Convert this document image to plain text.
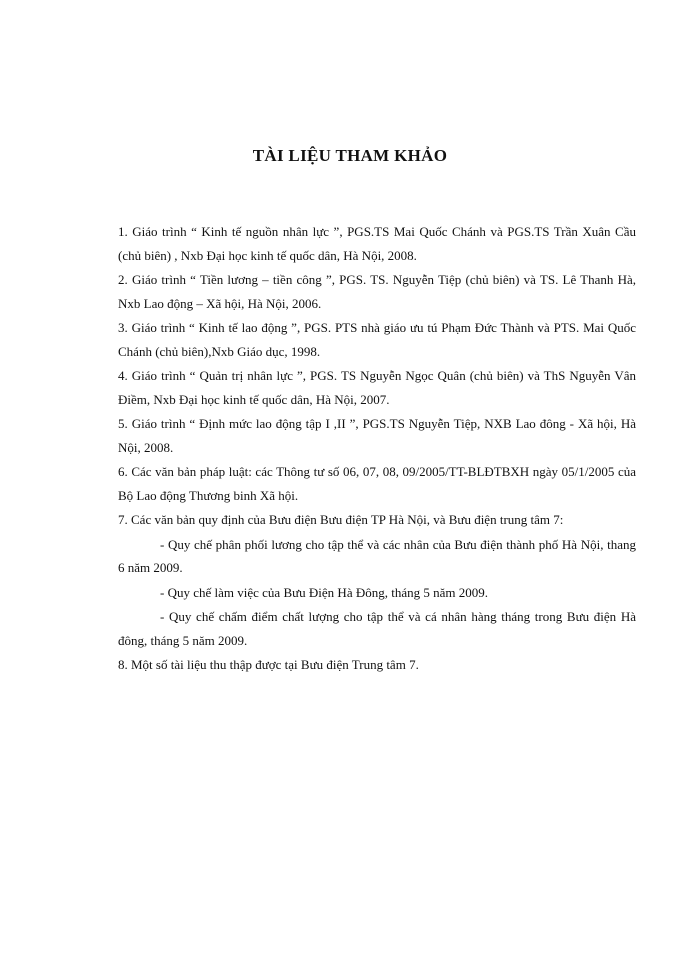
TÀI LIỆU THAM KHẢO

1. Giáo trình “ Kinh tế nguồn nhân lực ”, PGS.TS Mai Quốc Chánh và PGS.TS Trần Xuân Cầu (chủ biên) , Nxb Đại học kinh tế quốc dân, Hà Nội, 2008.

2. Giáo trình “ Tiền lương – tiền công ”, PGS. TS. Nguyễn Tiệp (chủ biên) và TS. Lê Thanh Hà, Nxb Lao động – Xã hội, Hà Nội, 2006.

3. Giáo trình “ Kinh tế lao động ”, PGS. PTS nhà giáo ưu tú Phạm Đức Thành và PTS. Mai Quốc Chánh (chủ biên),Nxb Giáo dục, 1998.

4. Giáo trình “ Quản trị nhân lực ”, PGS. TS Nguyễn Ngọc Quân (chủ biên) và ThS Nguyễn Vân Điềm, Nxb Đại học kinh tế quốc dân, Hà Nội, 2007.

5. Giáo trình “ Định mức lao động tập I ,II ”, PGS.TS Nguyễn Tiệp, NXB Lao đông - Xã hội, Hà Nội, 2008.

6. Các văn bản pháp luật: các Thông tư số 06, 07, 08, 09/2005/TT-BLĐTBXH ngày 05/1/2005 của Bộ Lao động Thương binh Xã hội.

7. Các văn bản quy định của Bưu điện Bưu điện TP Hà Nội, và Bưu điện trung tâm 7:

- Quy chế phân phối lương cho tập thể và các nhân của Bưu điện thành phố Hà Nội, thang 6 năm 2009.

- Quy chế làm việc của Bưu Điện Hà Đông, tháng 5 năm 2009.

- Quy chế chấm điểm chất lượng cho tập thể và cá nhân hàng tháng trong Bưu điện Hà đông, tháng 5 năm 2009.

8. Một số tài liệu thu thập được tại Bưu điện Trung tâm 7.
